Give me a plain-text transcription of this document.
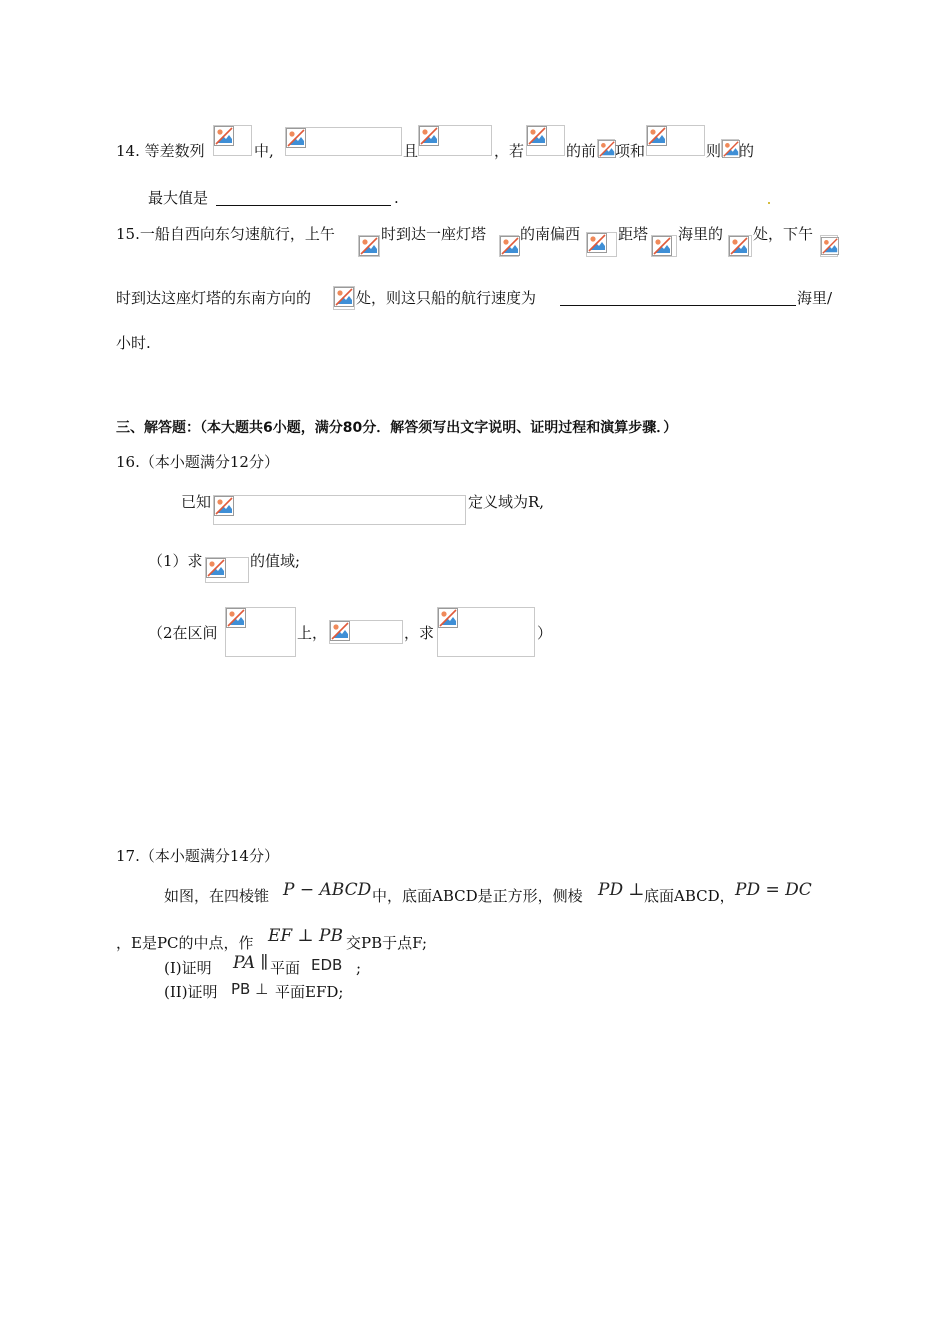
14. 等差数列	中,	且	，若	的前 项和	则 的
最大值是	.
15.一船自西向东匀速航行，上午	时到达一座灯塔 的南偏西	距塔 海里的 处，下午
时到达这座灯塔的东南方向的	处，则这只船的航行速度为	海里/
小时.
三、解答题：（本大题共6小题，满分80分．解答须写出文字说明、证明过程和演算步骤．）
16.（本小题满分12分）
已知	定义域为R,
（1）求	的值域;
（2在区间	上，	，求	）
17.（本小题满分14分）
如图，在四棱锥 P − ABCD 中，底面ABCD是正方形，侧棱 PD ⊥ 底面ABCD， PD = DC
，E是PC的中点，作 EF ⊥ PB 交PB于点F;
(I)证明 PA ∥ 平面 EDB ;
(II)证明 PB ⊥ 平面EFD;
